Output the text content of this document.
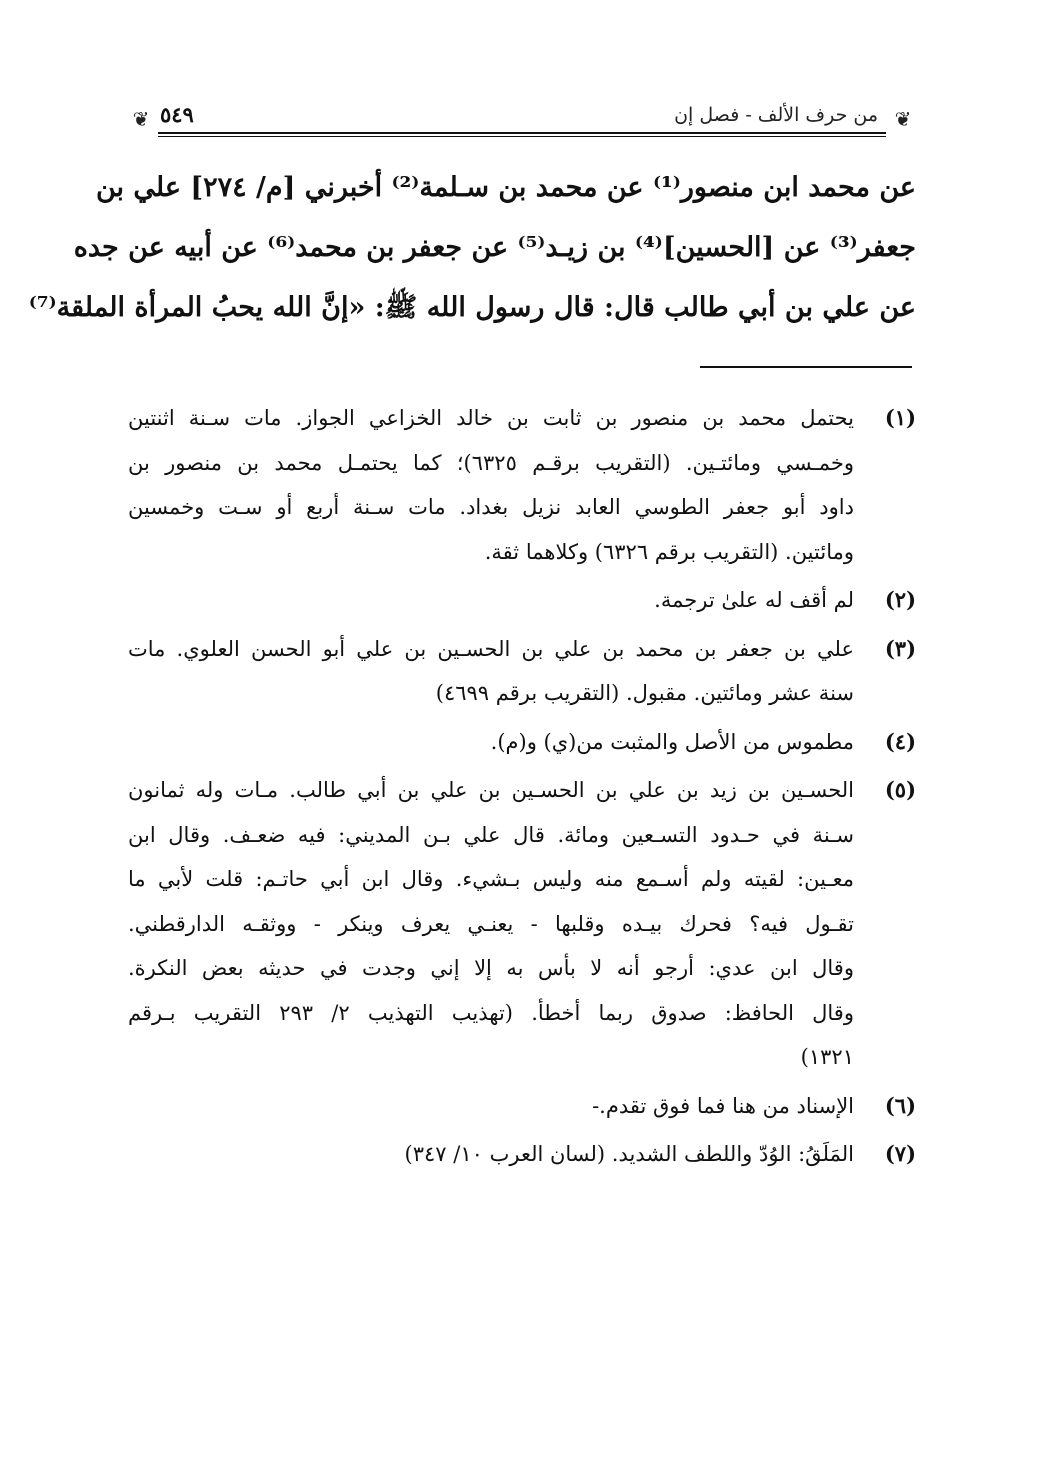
❦
من حرف الألف - فصل إن
٥٤٩
❦
عن محمد ابن منصور⁽¹⁾ عن محمد بن سـلمة⁽²⁾ أخبرني [م/ ٢٧٤] علي بن
جعفر⁽³⁾ عن [الحسين]⁽⁴⁾ بن زيـد⁽⁵⁾ عن جعفر بن محمد⁽⁶⁾ عن أبيه عن جده
عن علي بن أبي طالب قال: قال رسول الله ﷺ: «إنَّ الله يحبُ المرأة الملقة⁽⁷⁾
(١)
يحتمل محمد بن منصور بن ثابت بن خالد الخزاعي الجواز. مات سـنة اثنتين
وخمـسي ومائتـين. (التقريب برقـم ٦٣٢٥)؛ كما يحتمـل محمد بن منصور بن
داود أبو جعفر الطوسي العابد نزيل بغداد. مات سـنة أربع أو سـت وخمسين
ومائتين. (التقريب برقم ٦٣٢٦) وكلاهما ثقة.
(٢)
لم أقف له علىٰ ترجمة.
(٣)
علي بن جعفر بن محمد بن علي بن الحسـين بن علي أبو الحسن العلوي. مات
سنة عشر ومائتين. مقبول. (التقريب برقم ٤٦٩٩)
(٤)
مطموس من الأصل والمثبت من(ي) و(م).
(٥)
الحسـين بن زيد بن علي بن الحسـين بن علي بن أبي طالب. مـات وله ثمانون
سـنة في حـدود التسـعين ومائة. قال علي بـن المديني: فيه ضعـف. وقال ابن
معـين: لقيته ولم أسـمع منه وليس بـشيء. وقال ابن أبي حاتـم: قلت لأبي ما
تقـول فيه؟ فحرك بيـده وقلبها - يعنـي يعرف وينكر - ووثقـه الدارقطني.
وقال ابن عدي: أرجو أنه لا بأس به إلا إني وجدت في حديثه بعض النكرة.
وقال الحافظ: صدوق ربما أخطأ. (تهذيب التهذيب ٢/ ٢٩٣ التقريب بـرقم
١٣٢١)
(٦)
الإسناد من هنا فما فوق تقدم.-
(٧)
المَلَقُ: الوُدّ واللطف الشديد. (لسان العرب ١٠/ ٣٤٧)
